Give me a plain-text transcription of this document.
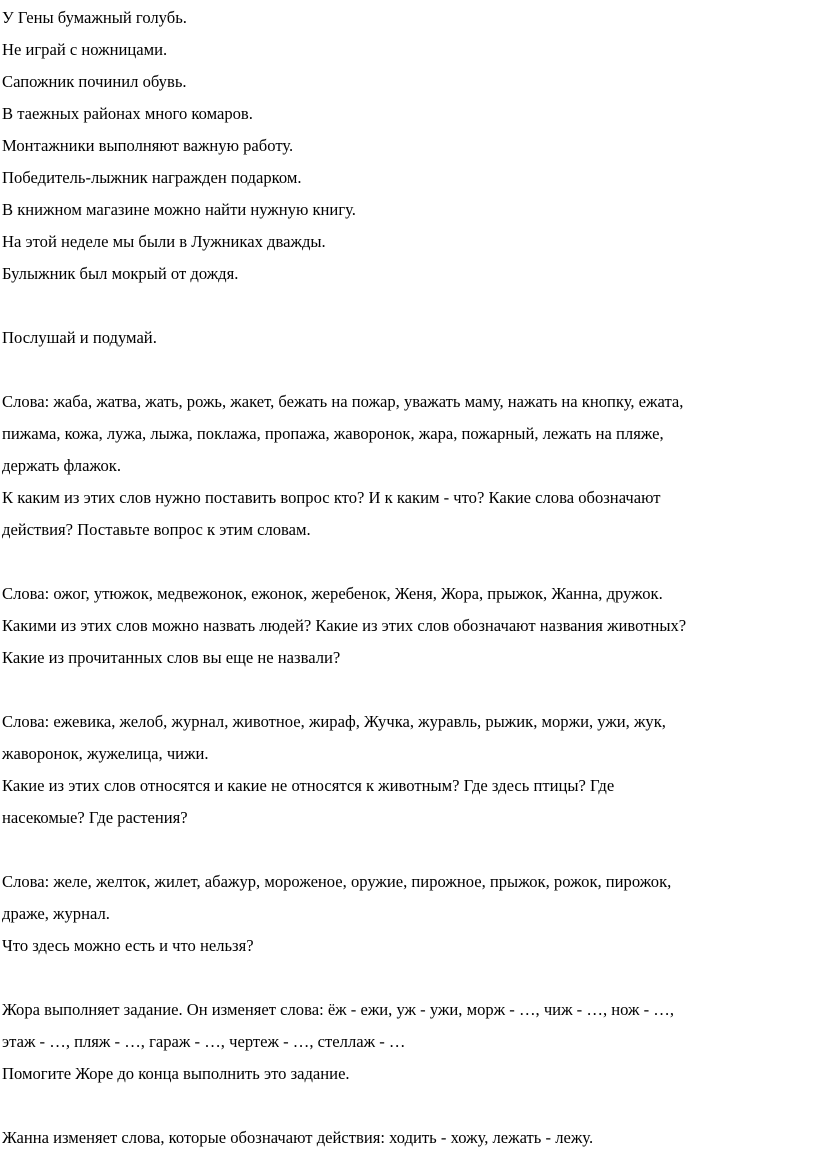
У Гены бумажный голубь.
Не играй с ножницами.
Сапожник починил обувь.
В таежных районах много комаров.
Монтажники выполняют важную работу.
Победитель-лыжник награжден подарком.
В книжном магазине можно найти нужную книгу.
На этой неделе мы были в Лужниках дважды.
Булыжник был мокрый от дождя.
Послушай и подумай.
Слова: жаба, жатва, жать, рожь, жакет, бежать на пожар, уважать маму, нажать на кнопку, ежата,
пижама, кожа, лужа, лыжа, поклажа, пропажа, жаворонок, жара, пожарный, лежать на пляже,
держать флажок.
К каким из этих слов нужно поставить вопрос кто? И к каким - что? Какие слова обозначают
действия? Поставьте вопрос к этим словам.
Слова: ожог, утюжок, медвежонок, ежонок, жеребенок, Женя, Жора, прыжок, Жанна, дружок.
Какими из этих слов можно назвать людей? Какие из этих слов обозначают названия животных?
Какие из прочитанных слов вы еще не назвали?
Слова: ежевика, желоб, журнал, животное, жираф, Жучка, журавль, рыжик, моржи, ужи, жук,
жаворонок, жужелица, чижи.
Какие из этих слов относятся и какие не относятся к животным? Где здесь птицы? Где
насекомые? Где растения?
Слова: желе, желток, жилет, абажур, мороженое, оружие, пирожное, прыжок, рожок, пирожок,
драже, журнал.
Что здесь можно есть и что нельзя?
Жора выполняет задание. Он изменяет слова: ёж - ежи, уж - ужи, морж - …, чиж - …, нож - …,
этаж - …, пляж - …, гараж - …, чертеж - …, стеллаж - …
Помогите Жоре до конца выполнить это задание.
Жанна изменяет слова, которые обозначают действия: ходить - хожу, лежать - лежу.
